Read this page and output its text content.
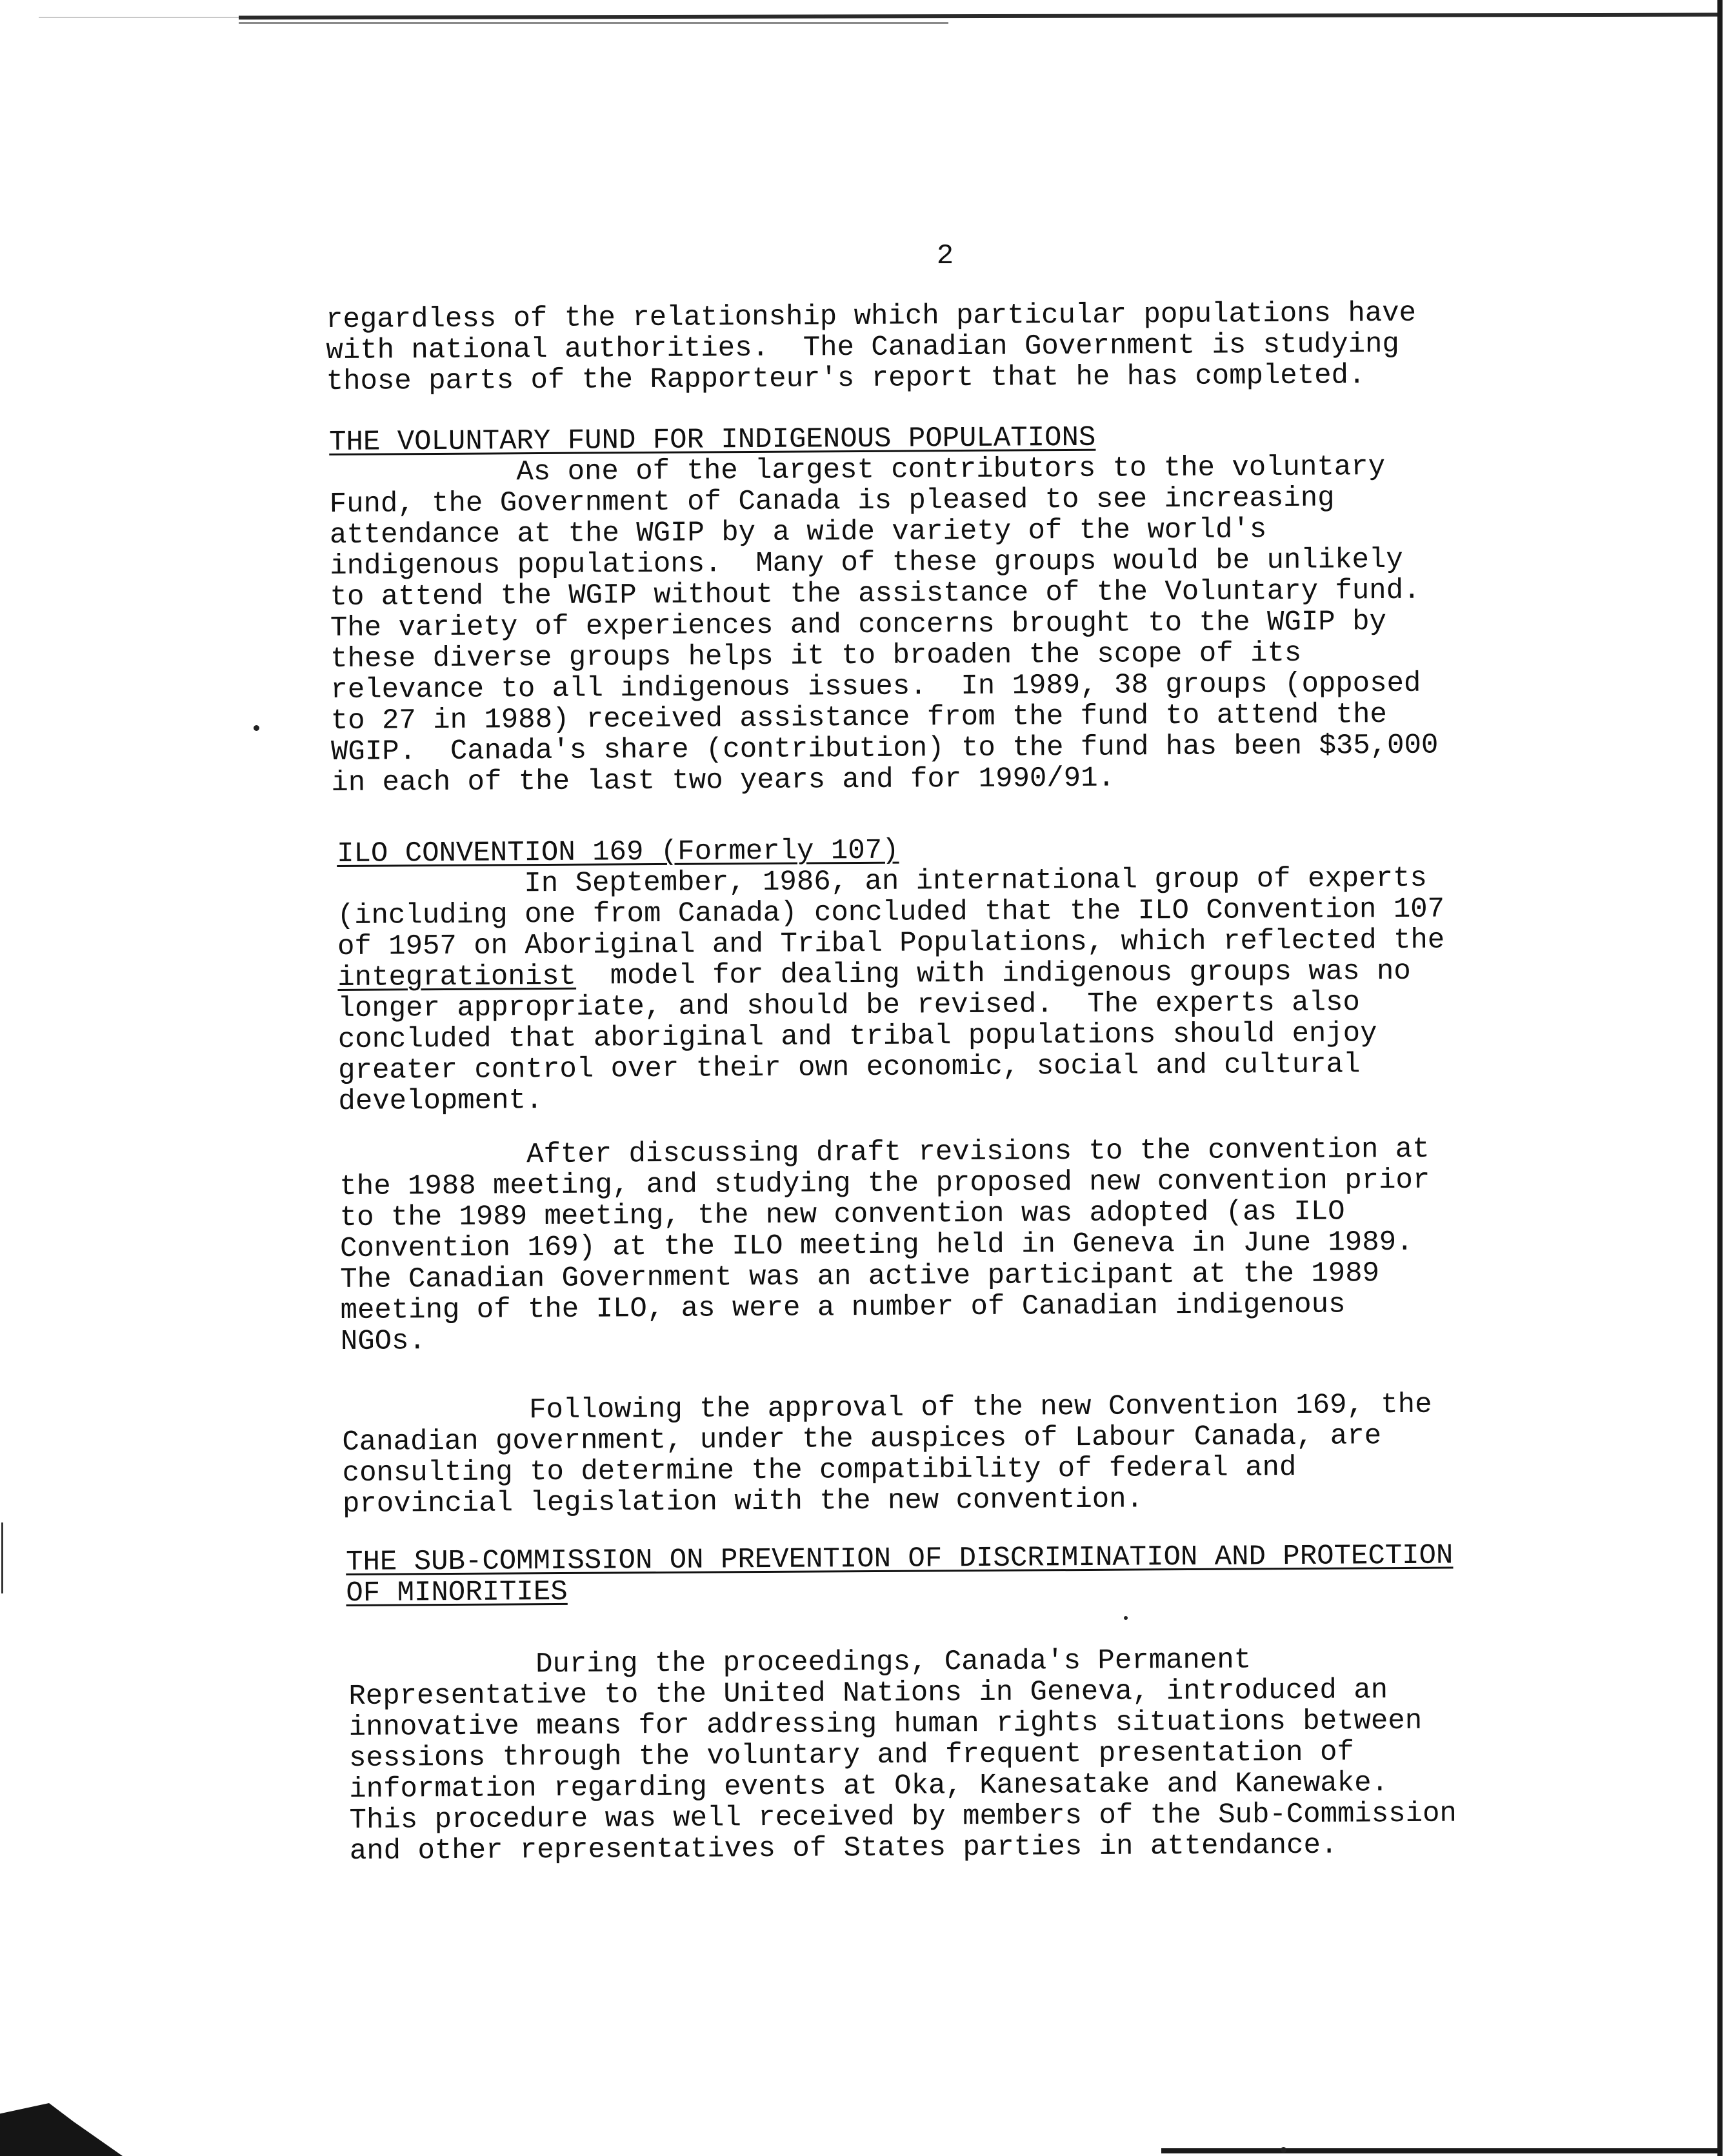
2
regardless of the relationship which particular populations have
with national authorities.  The Canadian Government is studying
those parts of the Rapporteur's report that he has completed.
THE VOLUNTARY FUND FOR INDIGENOUS POPULATIONS
As one of the largest contributors to the voluntary
Fund, the Government of Canada is pleased to see increasing
attendance at the WGIP by a wide variety of the world's
indigenous populations.  Many of these groups would be unlikely
to attend the WGIP without the assistance of the Voluntary fund.
The variety of experiences and concerns brought to the WGIP by
these diverse groups helps it to broaden the scope of its
relevance to all indigenous issues.  In 1989, 38 groups (opposed
to 27 in 1988) received assistance from the fund to attend the
WGIP.  Canada's share (contribution) to the fund has been $35,000
in each of the last two years and for 1990/91.
ILO CONVENTION 169 (Formerly 107)
In September, 1986, an international group of experts
(including one from Canada) concluded that the ILO Convention 107
of 1957 on Aboriginal and Tribal Populations, which reflected the
integrationist  model for dealing with indigenous groups was no
longer appropriate, and should be revised.  The experts also
concluded that aboriginal and tribal populations should enjoy
greater control over their own economic, social and cultural
development.
After discussing draft revisions to the convention at
the 1988 meeting, and studying the proposed new convention prior
to the 1989 meeting, the new convention was adopted (as ILO
Convention 169) at the ILO meeting held in Geneva in June 1989.
The Canadian Government was an active participant at the 1989
meeting of the ILO, as were a number of Canadian indigenous
NGOs.
Following the approval of the new Convention 169, the
Canadian government, under the auspices of Labour Canada, are
consulting to determine the compatibility of federal and
provincial legislation with the new convention.
THE SUB-COMMISSION ON PREVENTION OF DISCRIMINATION AND PROTECTION
OF MINORITIES
During the proceedings, Canada's Permanent
Representative to the United Nations in Geneva, introduced an
innovative means for addressing human rights situations between
sessions through the voluntary and frequent presentation of
information regarding events at Oka, Kanesatake and Kanewake.
This procedure was well received by members of the Sub-Commission
and other representatives of States parties in attendance.
